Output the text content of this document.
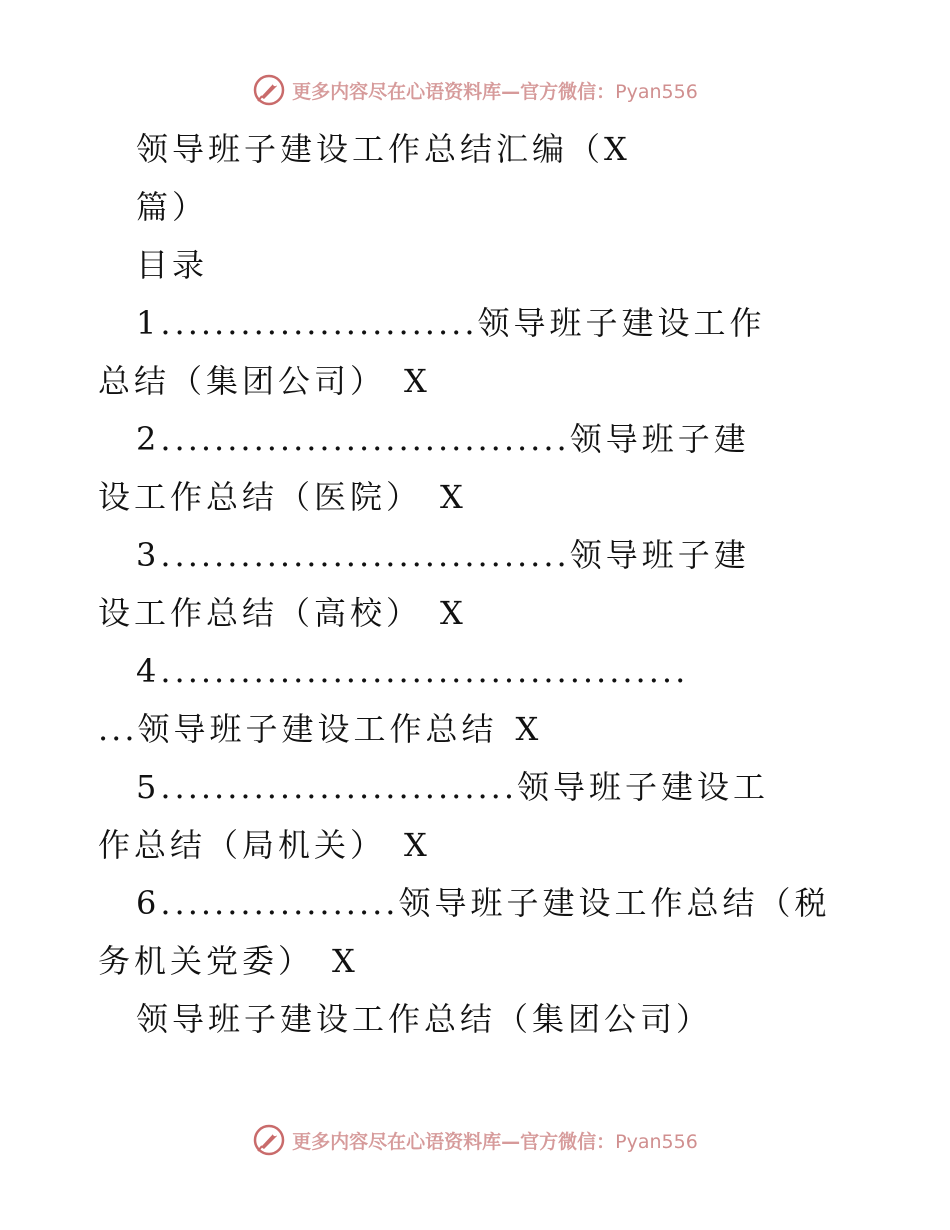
更多内容尽在心语资料库—官方微信：Pyan556
领导班子建设工作总结汇编（X
篇）
目录
1........................领导班子建设工作
总结（集团公司） X
2...............................领导班子建
设工作总结（医院） X
3...............................领导班子建
设工作总结（高校） X
4........................................
...领导班子建设工作总结 X
5...........................领导班子建设工
作总结（局机关） X
6..................领导班子建设工作总结（税
务机关党委） X
领导班子建设工作总结（集团公司）
更多内容尽在心语资料库—官方微信：Pyan556
